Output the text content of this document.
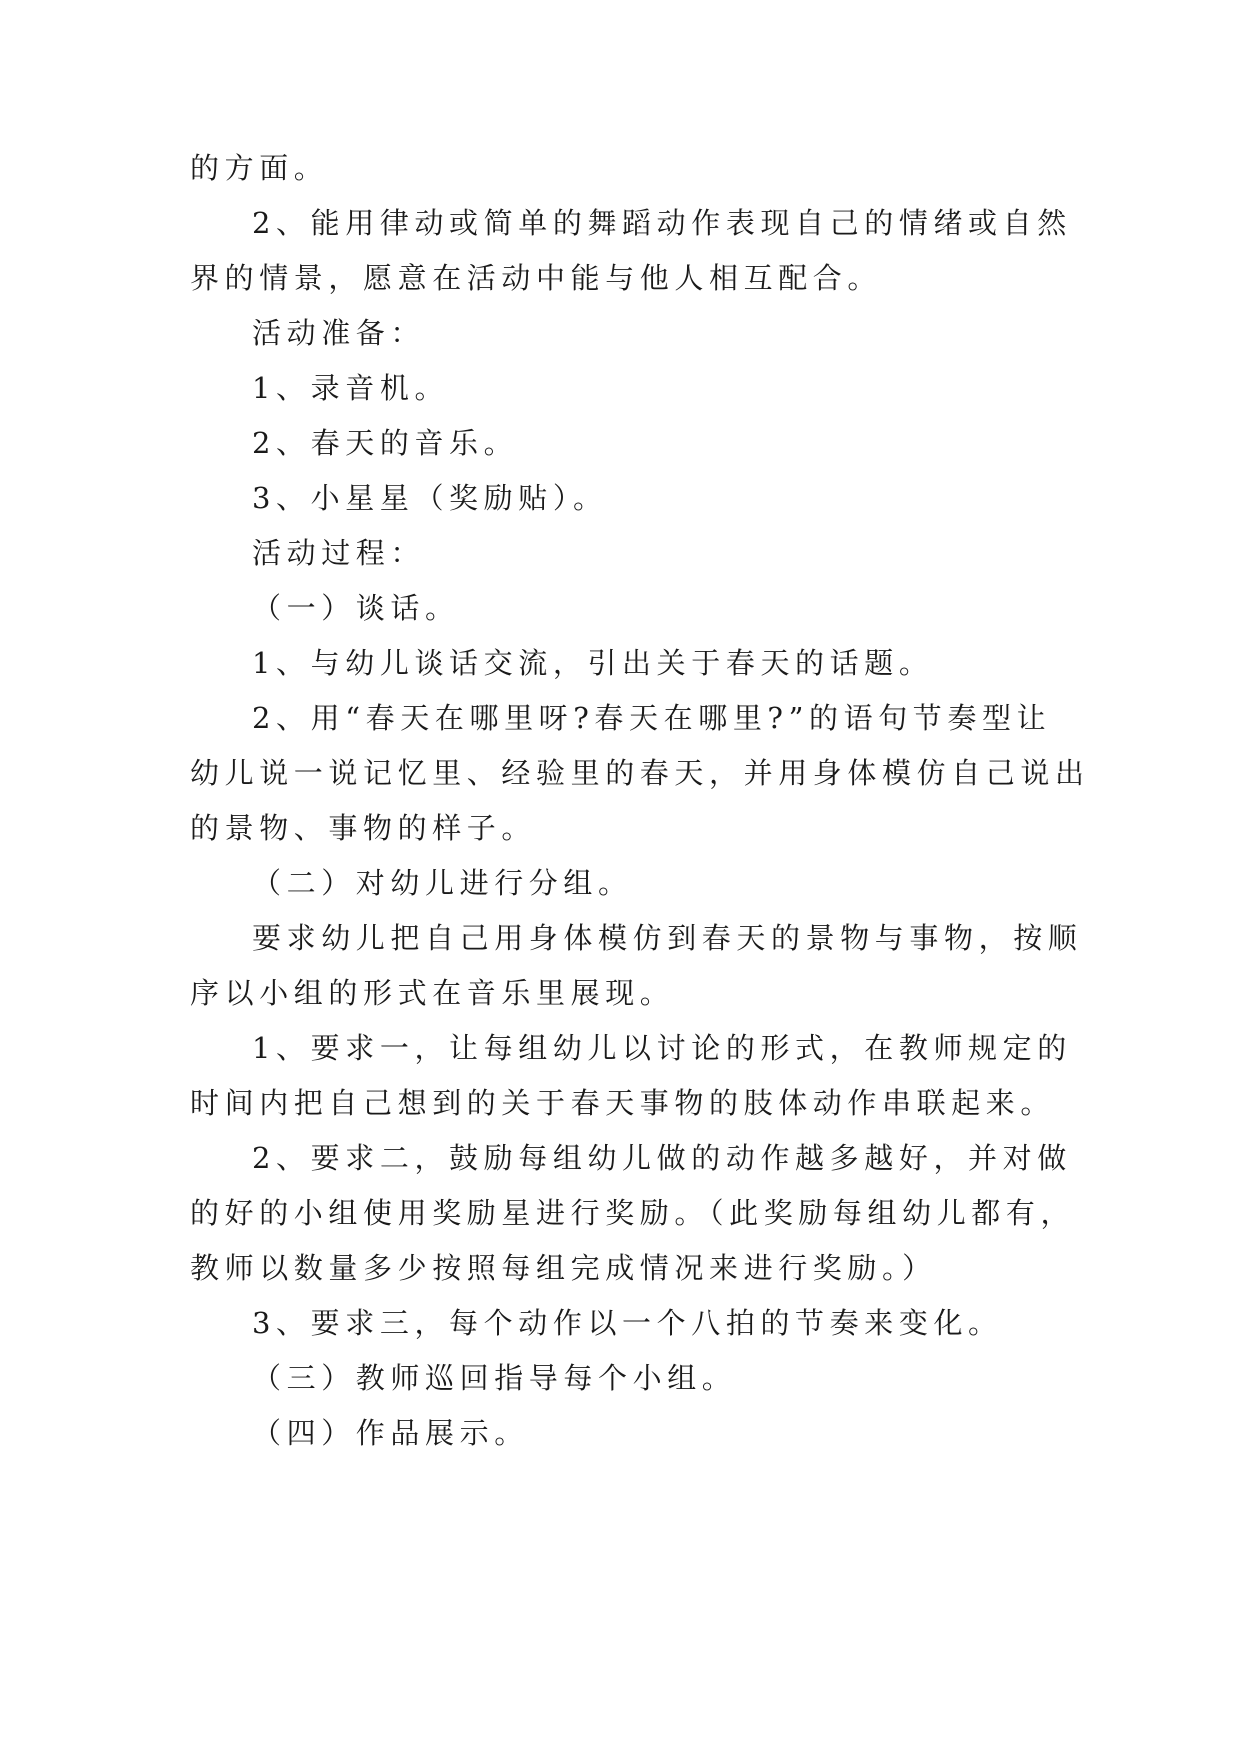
的方面。
2、能用律动或简单的舞蹈动作表现自己的情绪或自然
界的情景，愿意在活动中能与他人相互配合。
活动准备：
1、录音机。
2、春天的音乐。
3、小星星（奖励贴）。
活动过程：
（一）谈话。
1、与幼儿谈话交流，引出关于春天的话题。
2、用“春天在哪里呀?春天在哪里?”的语句节奏型让
幼儿说一说记忆里、经验里的春天，并用身体模仿自己说出
的景物、事物的样子。
（二）对幼儿进行分组。
要求幼儿把自己用身体模仿到春天的景物与事物，按顺
序以小组的形式在音乐里展现。
1、要求一，让每组幼儿以讨论的形式，在教师规定的
时间内把自己想到的关于春天事物的肢体动作串联起来。
2、要求二，鼓励每组幼儿做的动作越多越好，并对做
的好的小组使用奖励星进行奖励。（此奖励每组幼儿都有，
教师以数量多少按照每组完成情况来进行奖励。）
3、要求三，每个动作以一个八拍的节奏来变化。
（三）教师巡回指导每个小组。
（四）作品展示。
